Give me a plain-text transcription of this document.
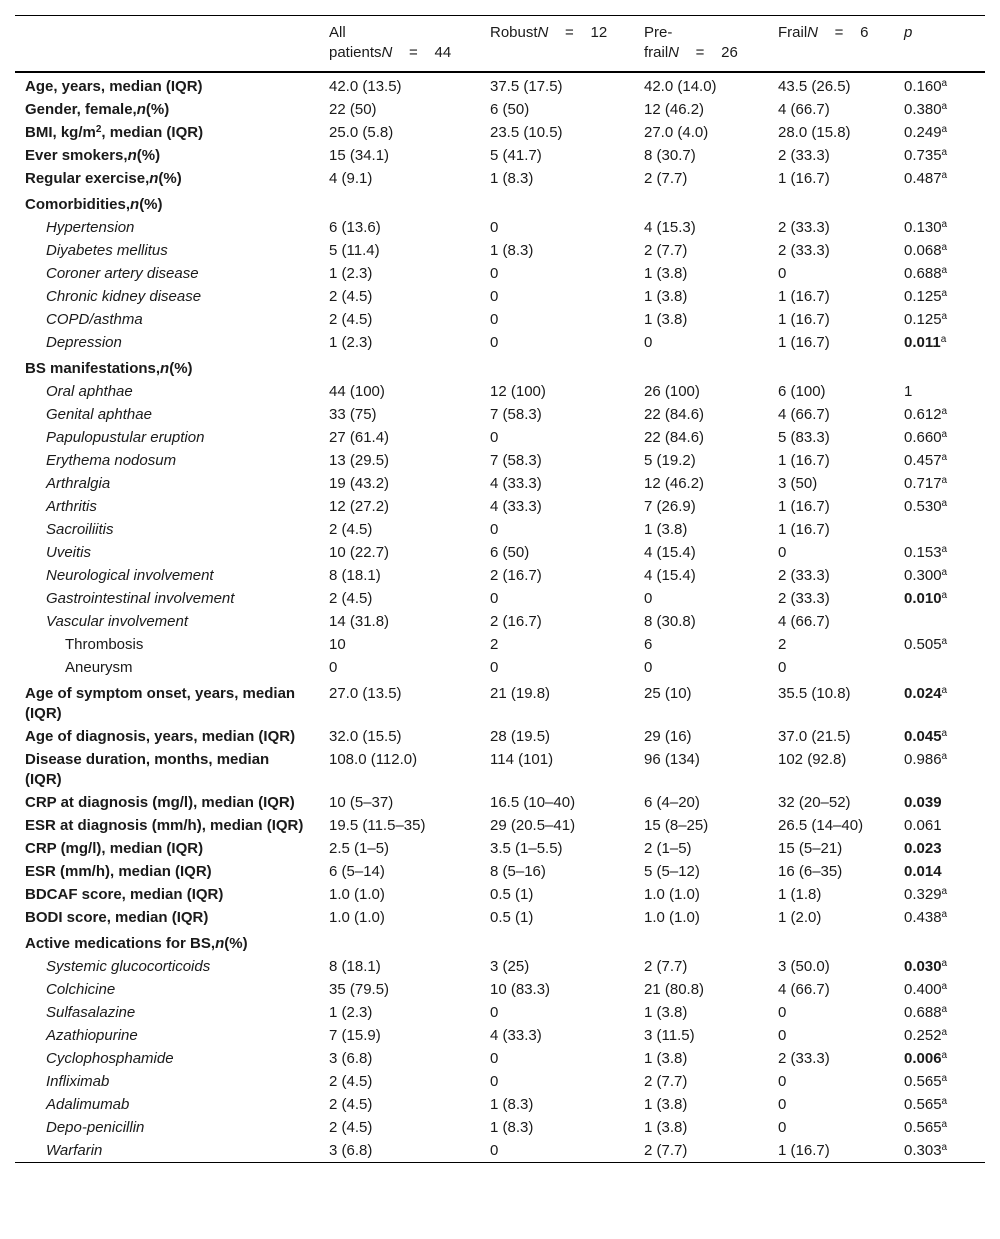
	All patientsN    =    44	RobustN    =    12	Pre-frailN    =    26	FrailN    =    6	p
Age, years, median (IQR)	42.0 (13.5)	37.5 (17.5)	42.0 (14.0)	43.5 (26.5)	0.160$^a$
Gender, female,n(%)	22 (50)	6 (50)	12 (46.2)	4 (66.7)	0.380$^a$
BMI, $kg/m^2$, median (IQR)	25.0 (5.8)	23.5 (10.5)	27.0 (4.0)	28.0 (15.8)	0.249$^a$
Ever smokers,n(%)	15 (34.1)	5 (41.7)	8 (30.7)	2 (33.3)	0.735$^a$
Regular exercise,n(%)	4 (9.1)	1 (8.3)	2 (7.7)	1 (16.7)	0.487$^a$
Comorbidities,n(%)					
Hypertension	6 (13.6)	0	4 (15.3)	2 (33.3)	0.130$^a$
Diyabetes mellitus	5 (11.4)	1 (8.3)	2 (7.7)	2 (33.3)	0.068$^a$
Coroner artery disease	1 (2.3)	0	1 (3.8)	0	0.688$^a$
Chronic kidney disease	2 (4.5)	0	1 (3.8)	1 (16.7)	0.125$^a$
COPD/asthma	2 (4.5)	0	1 (3.8)	1 (16.7)	0.125$^a$
Depression	1 (2.3)	0	0	1 (16.7)	0.011$^a$
BS manifestations,n(%)					
Oral aphthae	44 (100)	12 (100)	26 (100)	6 (100)	1
Genital aphthae	33 (75)	7 (58.3)	22 (84.6)	4 (66.7)	0.612$^a$
Papulopustular eruption	27 (61.4)	0	22 (84.6)	5 (83.3)	0.660$^a$
Erythema nodosum	13 (29.5)	7 (58.3)	5 (19.2)	1 (16.7)	0.457$^a$
Arthralgia	19 (43.2)	4 (33.3)	12 (46.2)	3 (50)	0.717$^a$
Arthritis	12 (27.2)	4 (33.3)	7 (26.9)	1 (16.7)	0.530$^a$
Sacroiliitis	2 (4.5)	0	1 (3.8)	1 (16.7)	
Uveitis	10 (22.7)	6 (50)	4 (15.4)	0	0.153$^a$
Neurological involvement	8 (18.1)	2 (16.7)	4 (15.4)	2 (33.3)	0.300$^a$
Gastrointestinal involvement	2 (4.5)	0	0	2 (33.3)	0.010$^a$
Vascular involvement	14 (31.8)	2 (16.7)	8 (30.8)	4 (66.7)	
Thrombosis	10	2	6	2	0.505$^a$
Aneurysm	0	0	0	0	
Age of symptom onset, years, median (IQR)	27.0 (13.5)	21 (19.8)	25 (10)	35.5 (10.8)	0.024$^a$
Age of diagnosis, years, median (IQR)	32.0 (15.5)	28 (19.5)	29 (16)	37.0 (21.5)	0.045$^a$
Disease duration, months, median (IQR)	108.0 (112.0)	114 (101)	96 (134)	102 (92.8)	0.986$^a$
CRP at diagnosis (mg/l), median (IQR)	10 (5–37)	16.5 (10–40)	6 (4–20)	32 (20–52)	0.039
ESR at diagnosis (mm/h), median (IQR)	19.5 (11.5–35)	29 (20.5–41)	15 (8–25)	26.5 (14–40)	0.061
CRP (mg/l), median (IQR)	2.5 (1–5)	3.5 (1–5.5)	2 (1–5)	15 (5–21)	0.023
ESR (mm/h), median (IQR)	6 (5–14)	8 (5–16)	5 (5–12)	16 (6–35)	0.014
BDCAF score, median (IQR)	1.0 (1.0)	0.5 (1)	1.0 (1.0)	1 (1.8)	0.329$^a$
BODI score, median (IQR)	1.0 (1.0)	0.5 (1)	1.0 (1.0)	1 (2.0)	0.438$^a$
Active medications for BS,n(%)					
Systemic glucocorticoids	8 (18.1)	3 (25)	2 (7.7)	3 (50.0)	0.030$^a$
Colchicine	35 (79.5)	10 (83.3)	21 (80.8)	4 (66.7)	0.400$^a$
Sulfasalazine	1 (2.3)	0	1 (3.8)	0	0.688$^a$
Azathiopurine	7 (15.9)	4 (33.3)	3 (11.5)	0	0.252$^a$
Cyclophosphamide	3 (6.8)	0	1 (3.8)	2 (33.3)	0.006$^a$
Infliximab	2 (4.5)	0	2 (7.7)	0	0.565$^a$
Adalimumab	2 (4.5)	1 (8.3)	1 (3.8)	0	0.565$^a$
Depo-penicillin	2 (4.5)	1 (8.3)	1 (3.8)	0	0.565$^a$
Warfarin	3 (6.8)	0	2 (7.7)	1 (16.7)	0.303$^a$
